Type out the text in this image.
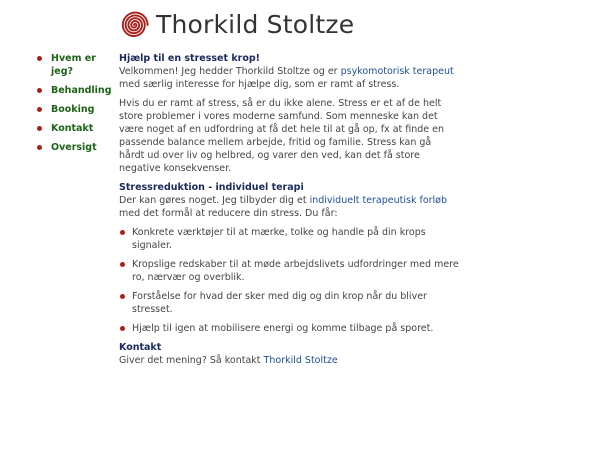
Thorkild Stoltze
Hvem er jeg?
Behandling
Booking
Kontakt
Oversigt
Hjælp til en stresset krop!

Velkommen! Jeg hedder Thorkild Stoltze og er psykomotorisk terapeut med særlig interesse for hjælpe dig, som er ramt af stress.

Hvis du er ramt af stress, så er du ikke alene. Stress er et af de helt store problemer i vores moderne samfund. Som menneske kan det være noget af en udfordring at få det hele til at gå op, fx at finde en passende balance mellem arbejde, fritid og familie. Stress kan gå hårdt ud over liv og helbred, og varer den ved, kan det få store negative konsekvenser.

Stressreduktion - individuel terapi

Der kan gøres noget. Jeg tilbyder dig et individuelt terapeutisk forløb med det formål at reducere din stress. Du får:

Konkrete værktøjer til at mærke, tolke og handle på din krops signaler.
Kropslige redskaber til at møde arbejdslivets udfordringer med mere ro, nærvær og overblik.
Forståelse for hvad der sker med dig og din krop når du bliver stresset.
Hjælp til igen at mobilisere energi og komme tilbage på sporet.
Kontakt

Giver det mening? Så kontakt Thorkild Stoltze
